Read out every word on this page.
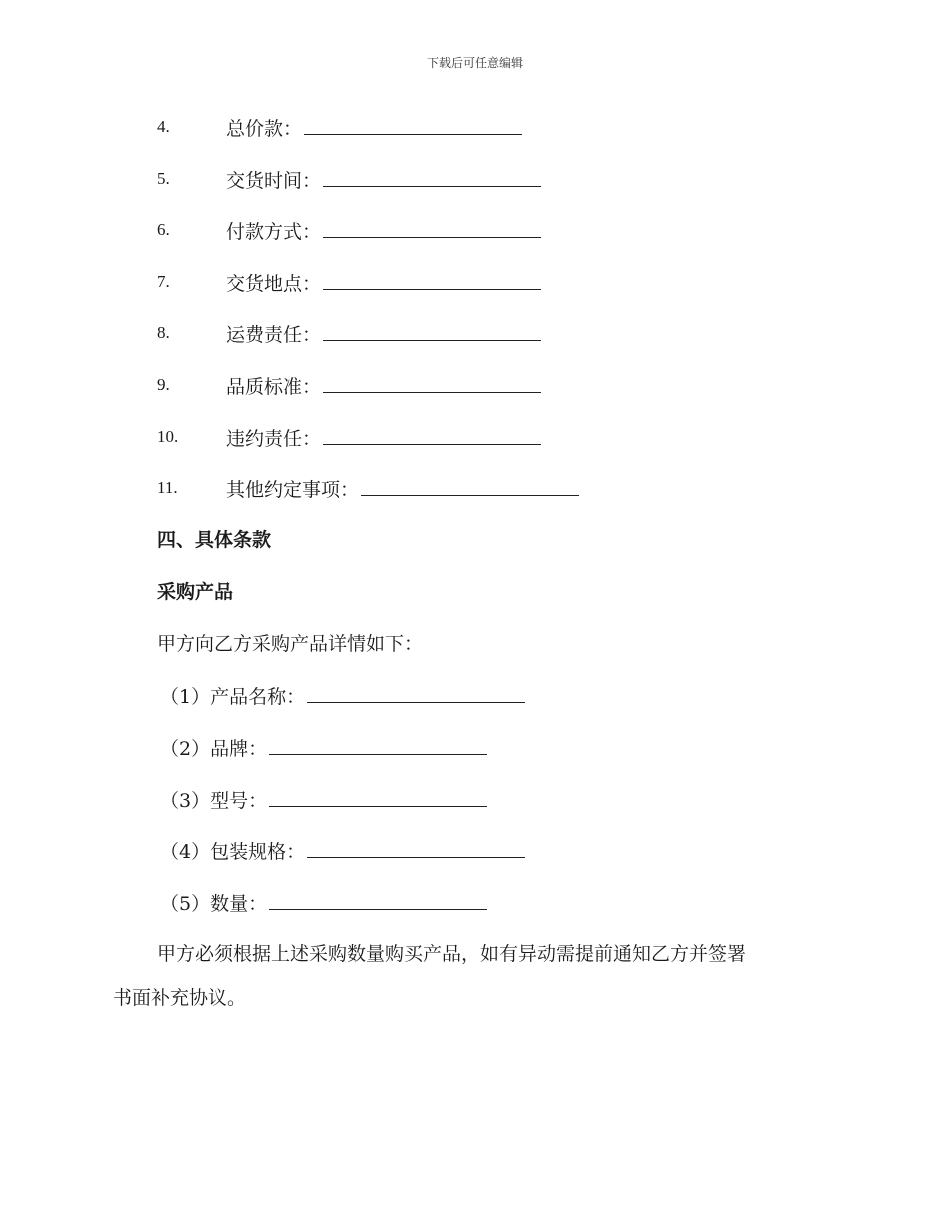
下载后可任意编辑
4.	总价款：
5.	交货时间：
6.	付款方式：
7.	交货地点：
8.	运费责任：
9.	品质标准：
10.	违约责任：
11.	其他约定事项：
四、具体条款
采购产品
甲方向乙方采购产品详情如下：
（1）产品名称：
（2）品牌：
（3）型号：
（4）包装规格：
（5）数量：
甲方必须根据上述采购数量购买产品，如有异动需提前通知乙方并签署
书面补充协议。
